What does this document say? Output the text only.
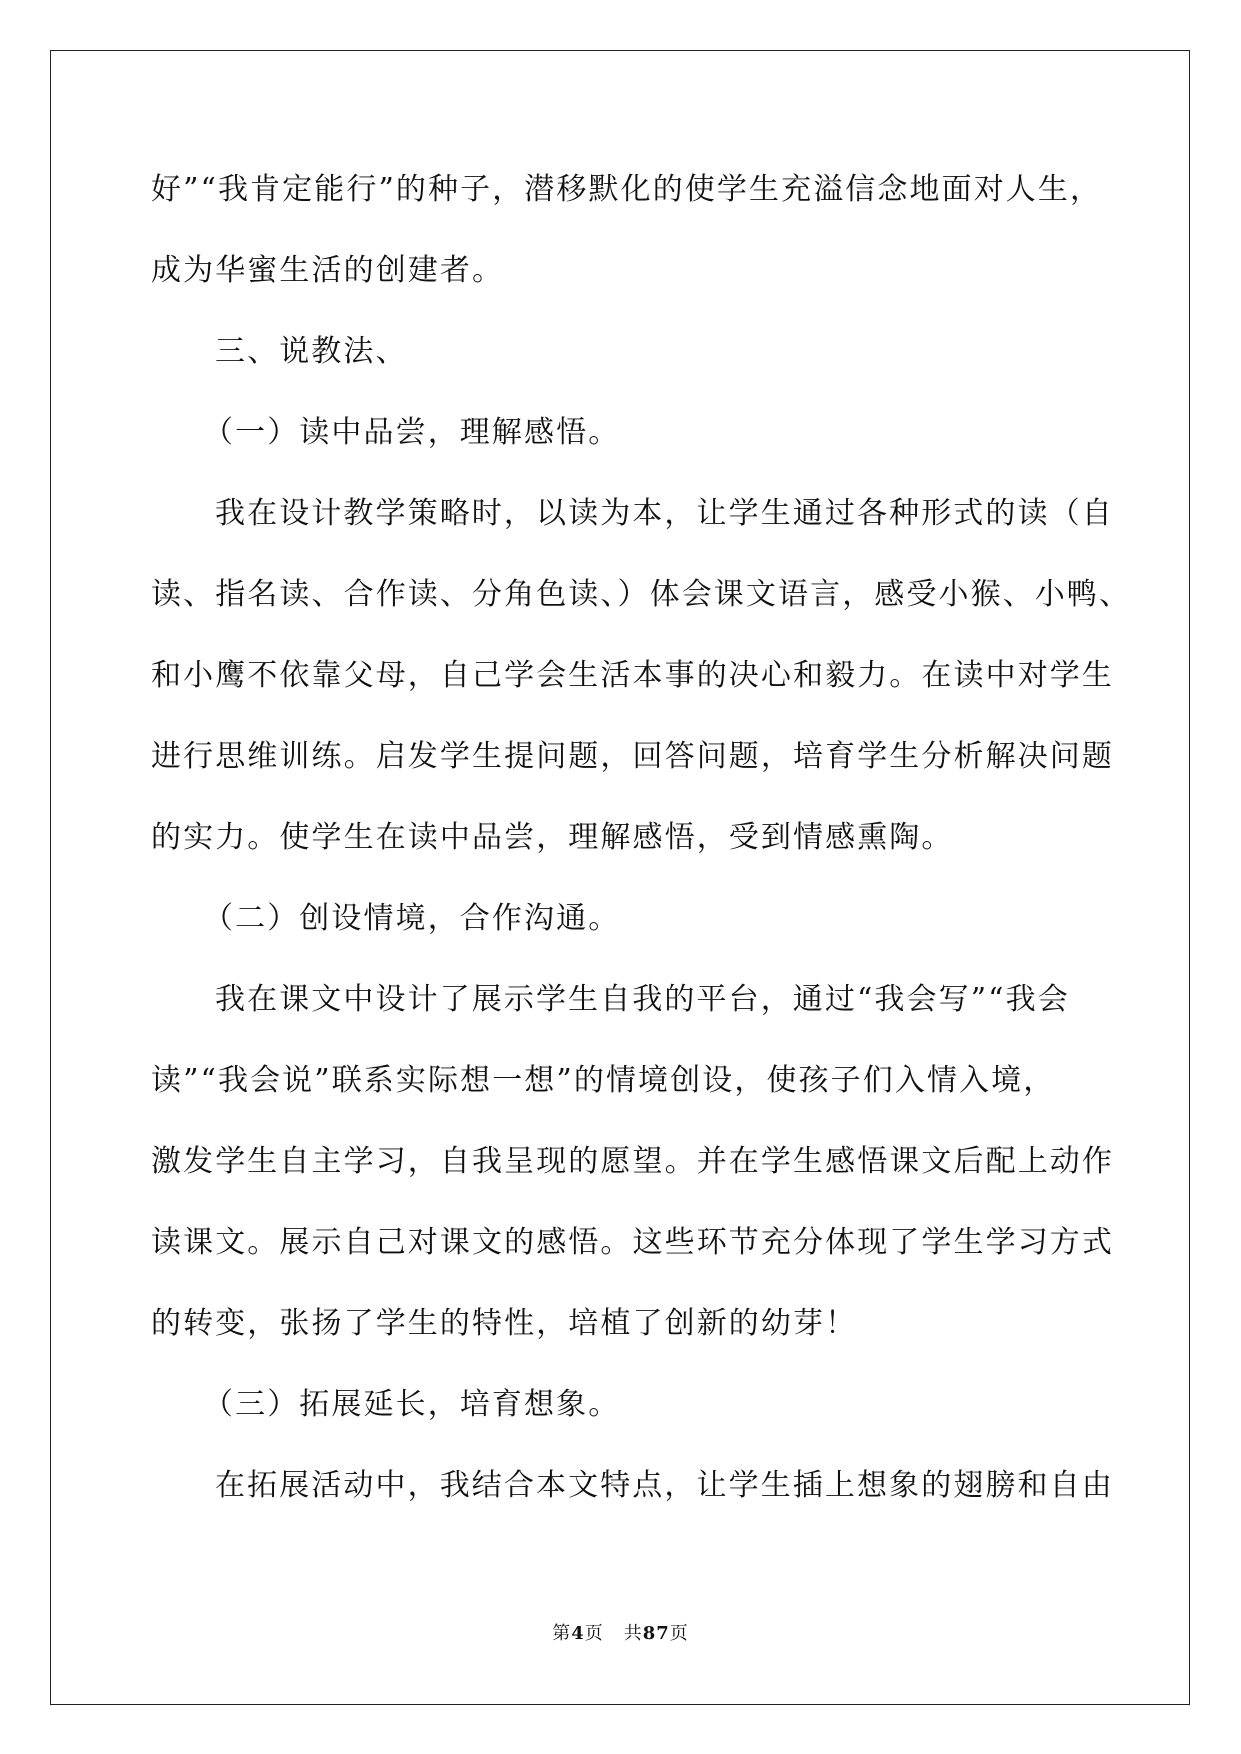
好”“我肯定能行”的种子，潜移默化的使学生充溢信念地面对人生，

成为华蜜生活的创建者。

三、说教法、

（一）读中品尝，理解感悟。

我在设计教学策略时，以读为本，让学生通过各种形式的读（自

读、指名读、合作读、分角色读、）体会课文语言，感受小猴、小鸭、

和小鹰不依靠父母，自己学会生活本事的决心和毅力。在读中对学生

进行思维训练。启发学生提问题，回答问题，培育学生分析解决问题

的实力。使学生在读中品尝，理解感悟，受到情感熏陶。

（二）创设情境，合作沟通。

我在课文中设计了展示学生自我的平台，通过“我会写”“我会

读”“我会说”联系实际想一想”的情境创设，使孩子们入情入境，

激发学生自主学习，自我呈现的愿望。并在学生感悟课文后配上动作

读课文。展示自己对课文的感悟。这些环节充分体现了学生学习方式

的转变，张扬了学生的特性，培植了创新的幼芽！

（三）拓展延长，培育想象。

在拓展活动中，我结合本文特点，让学生插上想象的翅膀和自由

第4页 共87页
